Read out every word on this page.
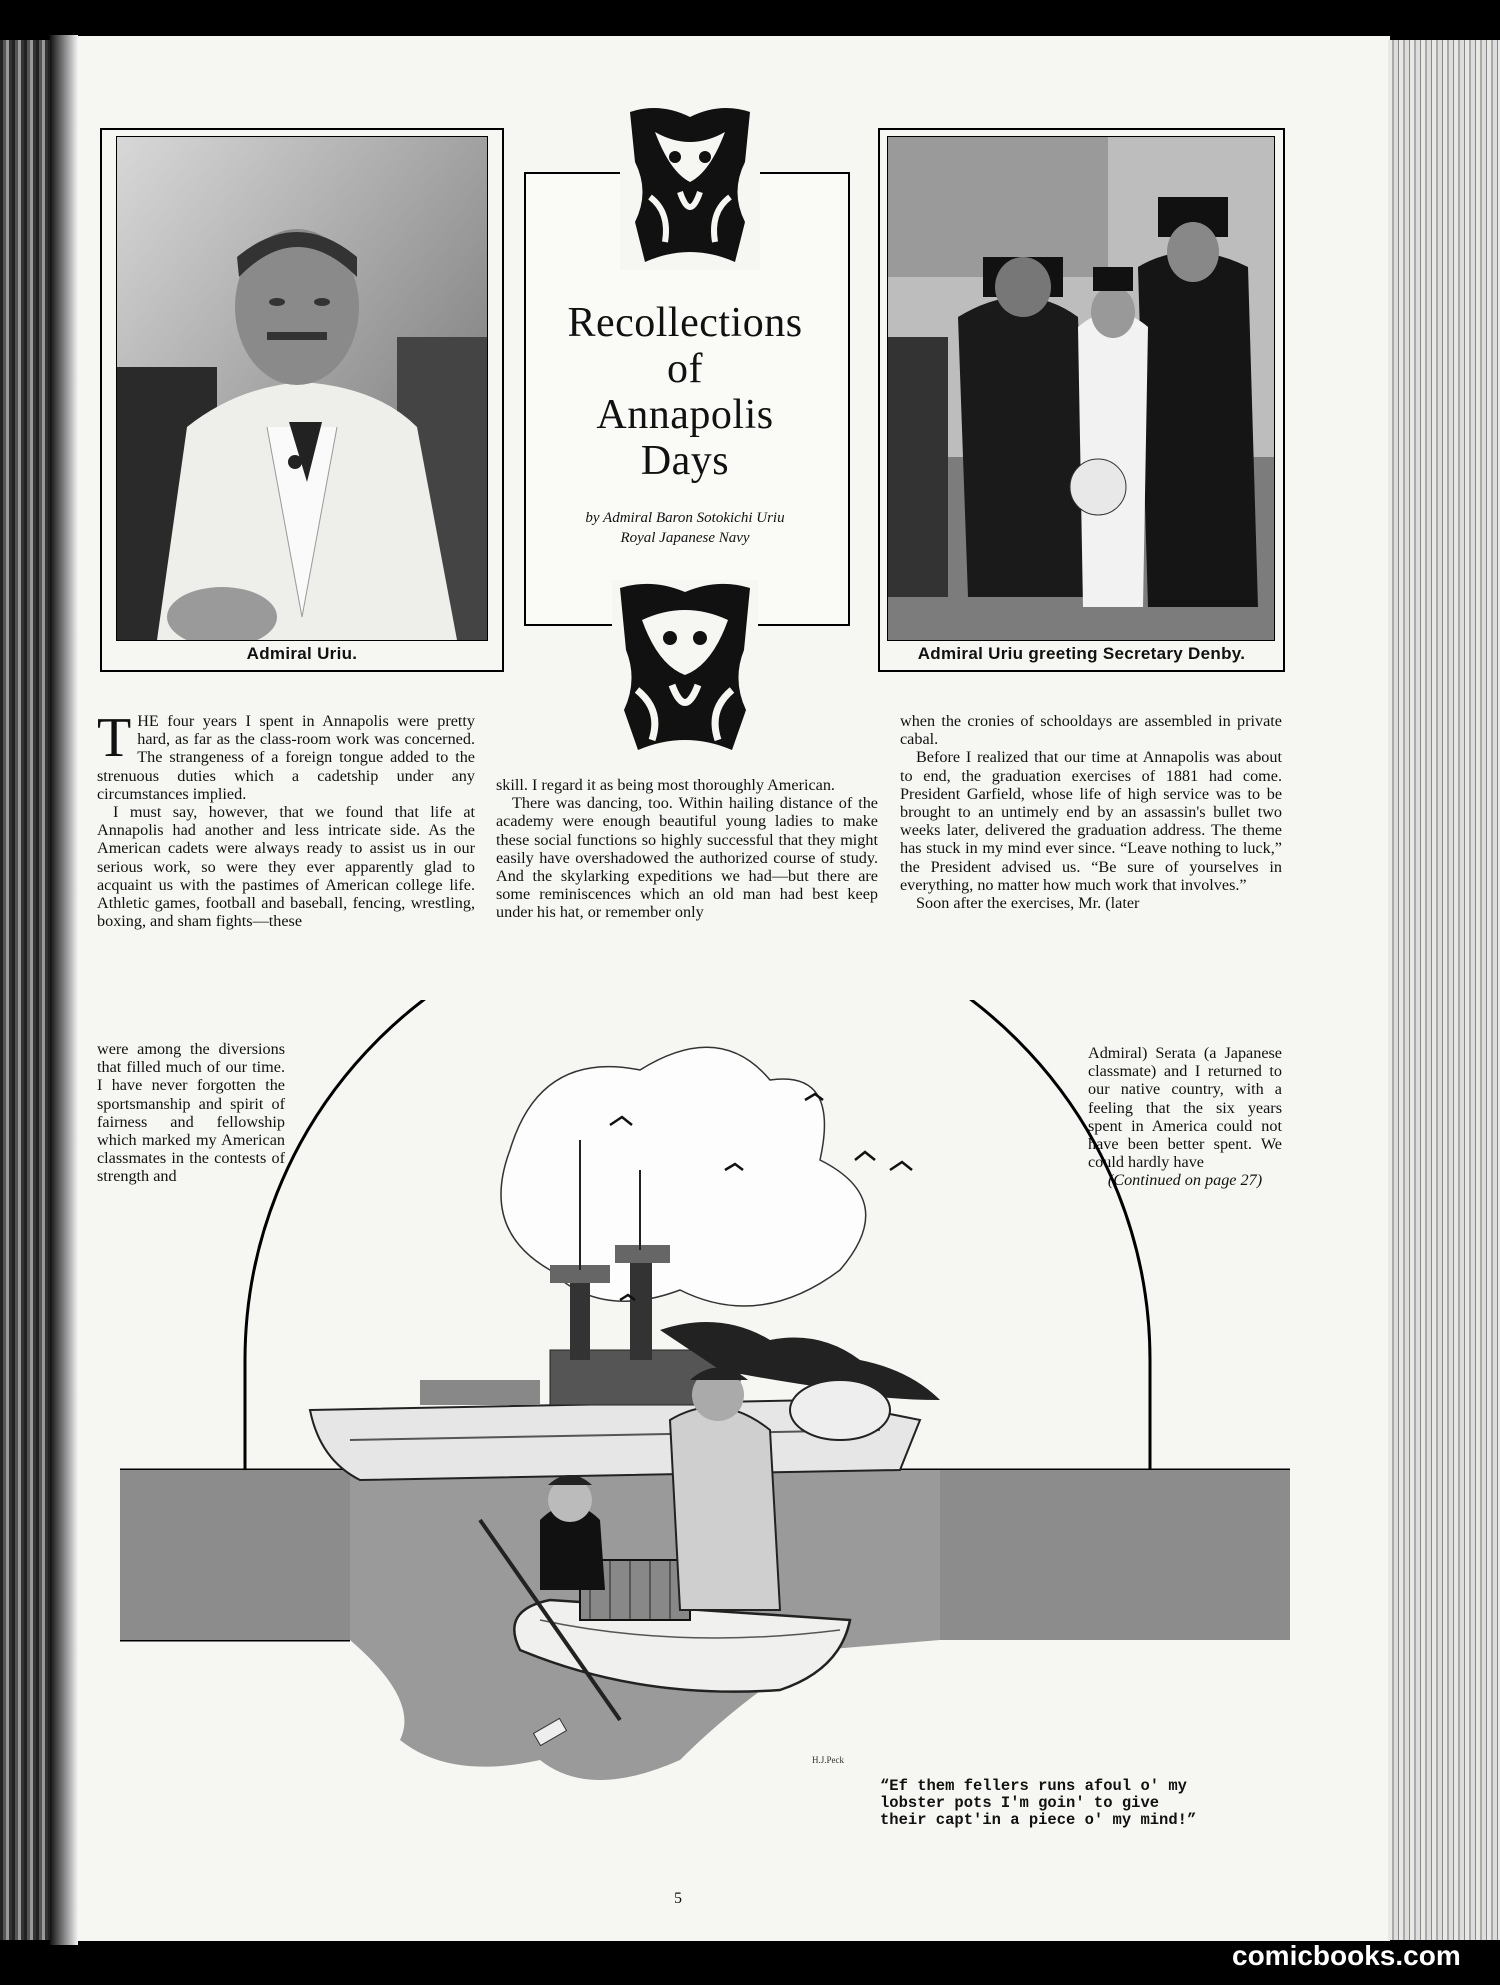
Admiral Uriu.	Admiral Uriu greeting Secretary Denby.
Recollections
of
Annapolis
Days
by Admiral Baron Sotokichi Uriu
Royal Japanese Navy

THE four years I spent in Annapolis were pretty hard, as far as the class-room work was concerned. The strangeness of a foreign tongue added to the strenuous duties which a cadetship under any circumstances implied.

I must say, however, that we found that life at Annapolis had another and less intricate side. As the American cadets were always ready to assist us in our serious work, so were they ever apparently glad to acquaint us with the pastimes of American college life. Athletic games, football and baseball, fencing, wrestling, boxing, and sham fights—these

were among the diversions that filled much of our time. I have never forgotten the sportsmanship and spirit of fairness and fellowship which marked my American classmates in the contests of strength and

skill. I regard it as being most thoroughly American.

There was dancing, too. Within hailing distance of the academy were enough beautiful young ladies to make these social functions so highly successful that they might easily have overshadowed the authorized course of study. And the skylarking expeditions we had—but there are some reminiscences which an old man had best keep under his hat, or remember only

when the cronies of schooldays are assembled in private cabal.

Before I realized that our time at Annapolis was about to end, the graduation exercises of 1881 had come. President Garfield, whose life of high service was to be brought to an untimely end by an assassin's bullet two weeks later, delivered the graduation address. The theme has stuck in my mind ever since. “Leave nothing to luck,” the President advised us. “Be sure of yourselves in everything, no matter how much work that involves.”

Soon after the exercises, Mr. (later

Admiral) Serata (a Japanese classmate) and I returned to our native country, with a feeling that the six years spent in America could not have been better spent. We could hardly have

(Continued on page 27)

“Ef them fellers runs afoul o' my lobster pots I'm goin' to give their capt'in a piece o' my mind!”
H.J.Peck
5
comicbooks.com
